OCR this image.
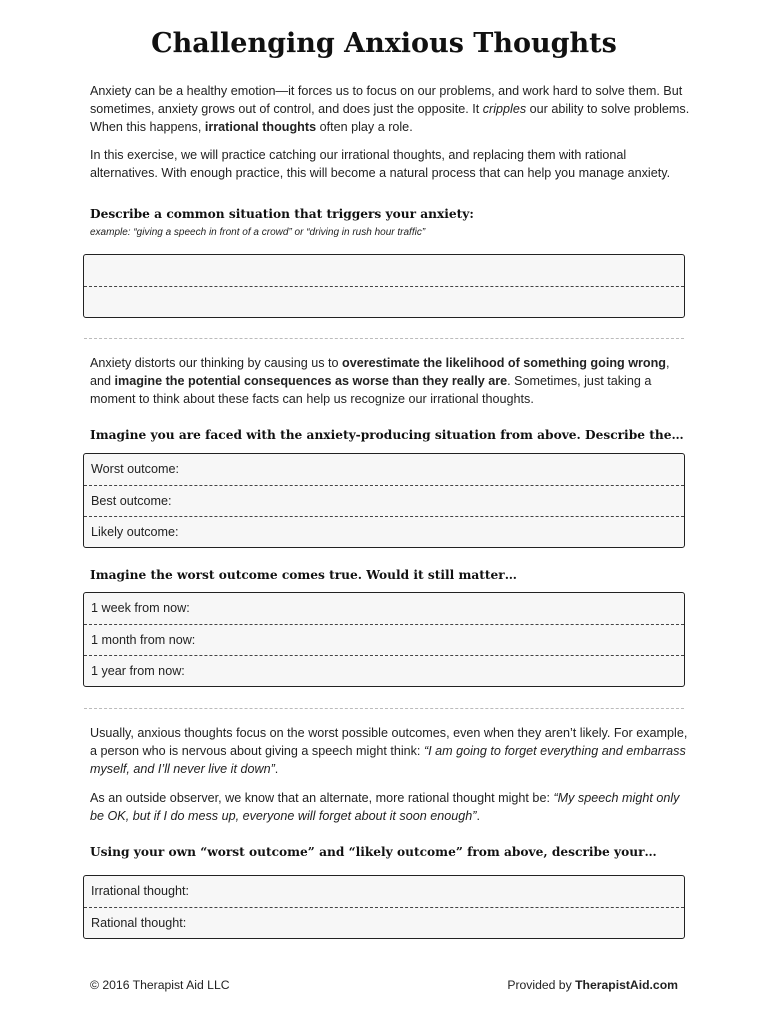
Challenging Anxious Thoughts

Anxiety can be a healthy emotion—it forces us to focus on our problems, and work hard to solve them. But sometimes, anxiety grows out of control, and does just the opposite. It cripples our ability to solve problems. When this happens, irrational thoughts often play a role.

In this exercise, we will practice catching our irrational thoughts, and replacing them with rational alternatives. With enough practice, this will become a natural process that can help you manage anxiety.

Describe a common situation that triggers your anxiety:
example: “giving a speech in front of a crowd” or “driving in rush hour traffic”

Anxiety distorts our thinking by causing us to overestimate the likelihood of something going wrong, and imagine the potential consequences as worse than they really are. Sometimes, just taking a moment to think about these facts can help us recognize our irrational thoughts.

Imagine you are faced with the anxiety-producing situation from above. Describe the…
Worst outcome:
Best outcome:
Likely outcome:
Imagine the worst outcome comes true. Would it still matter…
1 week from now:
1 month from now:
1 year from now:

Usually, anxious thoughts focus on the worst possible outcomes, even when they aren’t likely. For example, a person who is nervous about giving a speech might think: “I am going to forget everything and embarrass myself, and I’ll never live it down”.

As an outside observer, we know that an alternate, more rational thought might be: “My speech might only be OK, but if I do mess up, everyone will forget about it soon enough”.

Using your own “worst outcome” and “likely outcome” from above, describe your…
Irrational thought:
Rational thought:
© 2016 Therapist Aid LLC	Provided by TherapistAid.com
